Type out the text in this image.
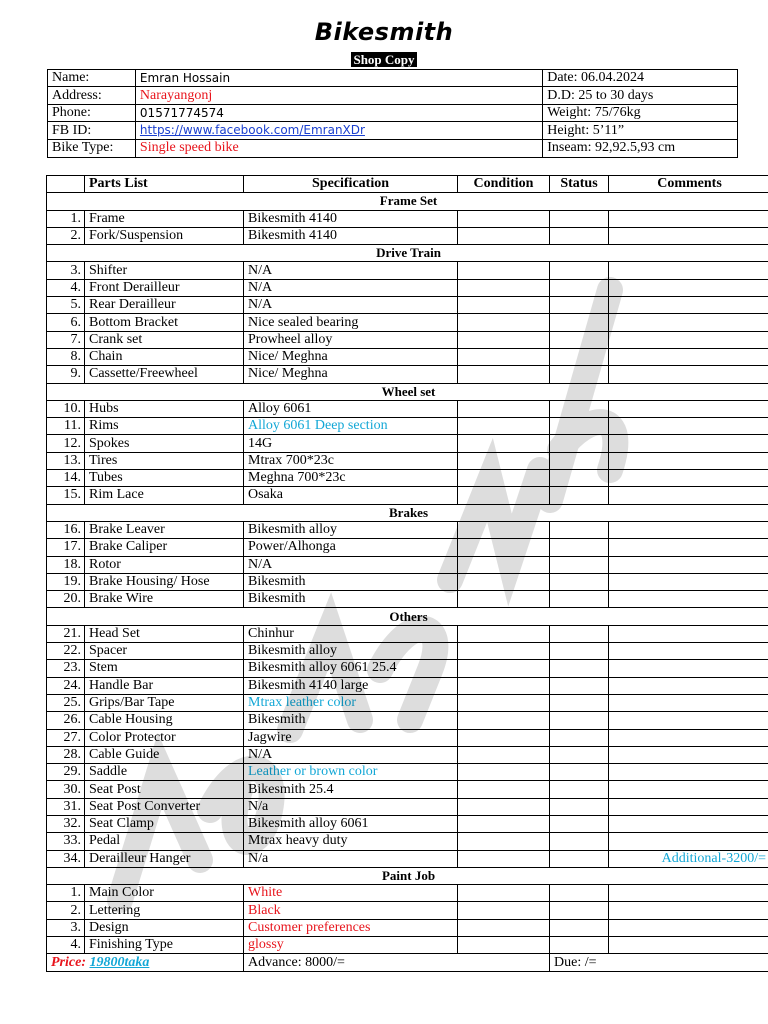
Bikesmith
Shop Copy
Name:	Emran Hossain	Date: 06.04.2024
Address:	Narayangonj	D.D: 25 to 30 days
Phone:	01571774574	Weight: 75/76kg
FB ID:	https://www.facebook.com/EmranXDr	Height: 5’11”
Bike Type:	Single speed bike	Inseam: 92,92.5,93 cm
	Parts List	Specification	Condition	Status	Comments
Frame Set					
1.	Frame	Bikesmith 4140			
2.	Fork/Suspension	Bikesmith 4140			
Drive Train					
3.	Shifter	N/A			
4.	Front Derailleur	N/A			
5.	Rear Derailleur	N/A			
6.	Bottom Bracket	Nice sealed bearing			
7.	Crank set	Prowheel alloy			
8.	Chain	Nice/ Meghna			
9.	Cassette/Freewheel	Nice/ Meghna			
Wheel set					
10.	Hubs	Alloy 6061			
11.	Rims	Alloy 6061 Deep section			
12.	Spokes	14G			
13.	Tires	Mtrax 700*23c			
14.	Tubes	Meghna 700*23c			
15.	Rim Lace	Osaka			
Brakes					
16.	Brake Leaver	Bikesmith alloy			
17.	Brake Caliper	Power/Alhonga			
18.	Rotor	N/A			
19.	Brake Housing/ Hose	Bikesmith			
20.	Brake Wire	Bikesmith			
Others					
21.	Head Set	Chinhur			
22.	Spacer	Bikesmith alloy			
23.	Stem	Bikesmith alloy 6061 25.4			
24.	Handle Bar	Bikesmith 4140 large			
25.	Grips/Bar Tape	Mtrax leather color			
26.	Cable Housing	Bikesmith			
27.	Color Protector	Jagwire			
28.	Cable Guide	N/A			
29.	Saddle	Leather or brown color			
30.	Seat Post	Bikesmith 25.4			
31.	Seat Post Converter	N/a			
32.	Seat Clamp	Bikesmith alloy 6061			
33.	Pedal	Mtrax heavy duty			
34.	Derailleur Hanger	N/a			Additional-3200/=
Paint Job					
1.	Main Color	White			
2.	Lettering	Black			
3.	Design	Customer preferences			
4.	Finishing Type	glossy			
Price: 19800taka		Advance: 8000/=		Due: /=	
